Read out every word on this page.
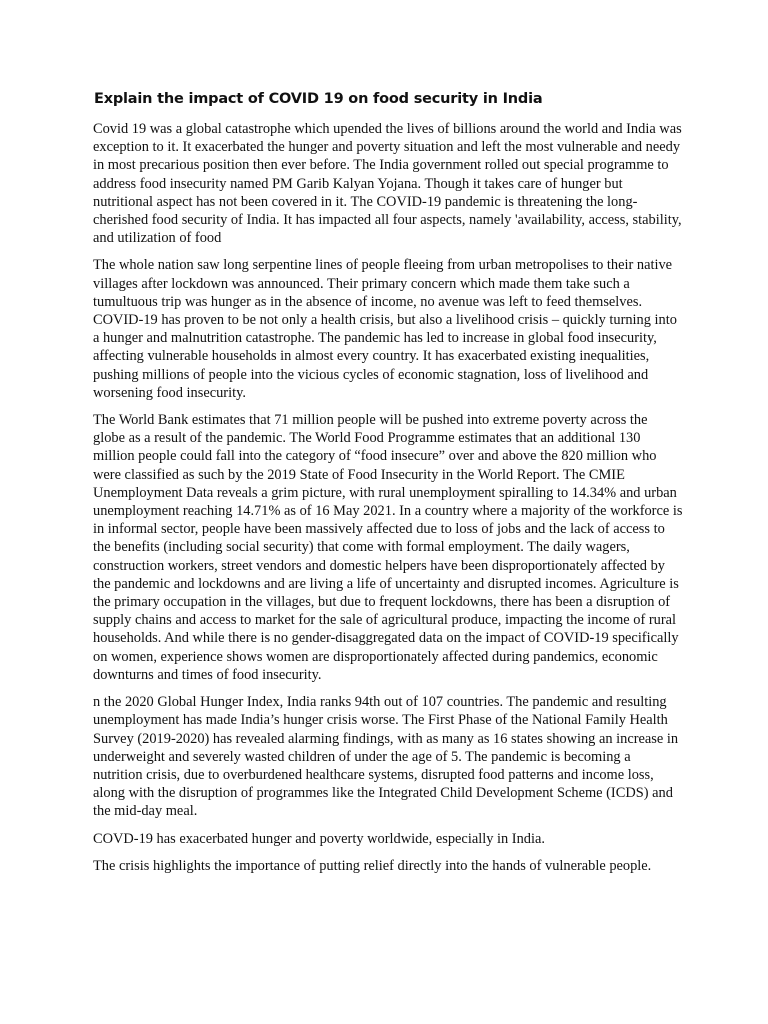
Explain the impact of COVID 19 on food security in India

Covid 19 was a global catastrophe which upended the lives of billions around the world and India was exception to it. It exacerbated the hunger and poverty situation and left the most vulnerable and needy in most precarious position then ever before. The India government rolled out special programme to address food insecurity named PM Garib Kalyan Yojana. Though it takes care of hunger but nutritional aspect has not been covered in it. The COVID-19 pandemic is threatening the long-cherished food security of India. It has impacted all four aspects, namely 'availability, access, stability, and utilization of food

The whole nation saw long serpentine lines of people fleeing from urban metropolises to their native villages after lockdown was announced. Their primary concern which made them take such a tumultuous trip was hunger as in the absence of income, no avenue was left to feed themselves. COVID-19 has proven to be not only a health crisis, but also a livelihood crisis – quickly turning into a hunger and malnutrition catastrophe. The pandemic has led to increase in global food insecurity, affecting vulnerable households in almost every country. It has exacerbated existing inequalities, pushing millions of people into the vicious cycles of economic stagnation, loss of livelihood and worsening food insecurity.

The World Bank estimates that 71 million people will be pushed into extreme poverty across the globe as a result of the pandemic. The World Food Programme estimates that an additional 130 million people could fall into the category of “food insecure” over and above the 820 million who were classified as such by the 2019 State of Food Insecurity in the World Report. The CMIE Unemployment Data reveals a grim picture, with rural unemployment spiralling to 14.34% and urban unemployment reaching 14.71% as of 16 May 2021. In a country where a majority of the workforce is in informal sector, people have been massively affected due to loss of jobs and the lack of access to the benefits (including social security) that come with formal employment. The daily wagers, construction workers, street vendors and domestic helpers have been disproportionately affected by the pandemic and lockdowns and are living a life of uncertainty and disrupted incomes. Agriculture is the primary occupation in the villages, but due to frequent lockdowns, there has been a disruption of supply chains and access to market for the sale of agricultural produce, impacting the income of rural households. And while there is no gender-disaggregated data on the impact of COVID-19 specifically on women, experience shows women are disproportionately affected during pandemics, economic downturns and times of food insecurity.

n the 2020 Global Hunger Index, India ranks 94th out of 107 countries. The pandemic and resulting unemployment has made India’s hunger crisis worse. The First Phase of the National Family Health Survey (2019-2020) has revealed alarming findings, with as many as 16 states showing an increase in underweight and severely wasted children of under the age of 5. The pandemic is becoming a nutrition crisis, due to overburdened healthcare systems, disrupted food patterns and income loss, along with the disruption of programmes like the Integrated Child Development Scheme (ICDS) and the mid-day meal.

COVD-19 has exacerbated hunger and poverty worldwide, especially in India.

The crisis highlights the importance of putting relief directly into the hands of vulnerable people.
